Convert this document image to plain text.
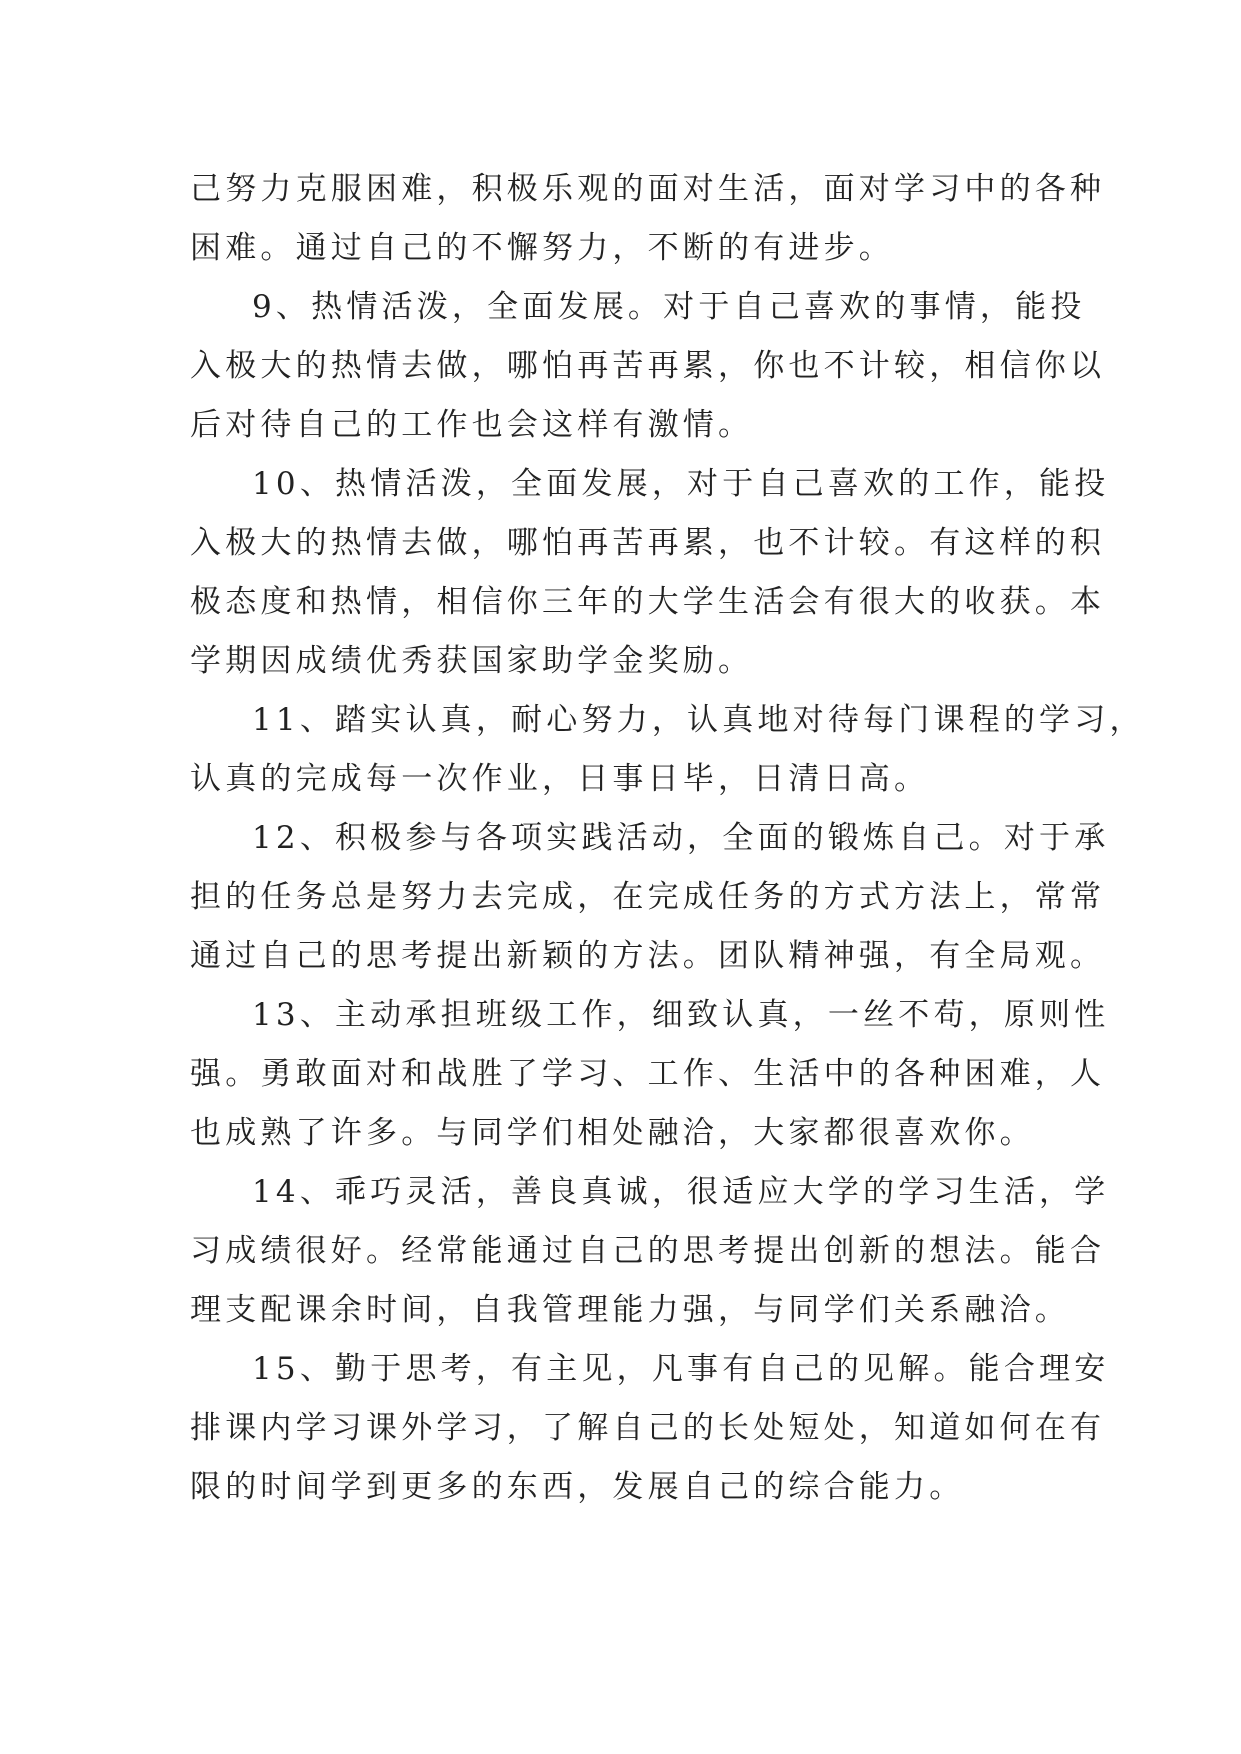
己努力克服困难，积极乐观的面对生活，面对学习中的各种
困难。通过自己的不懈努力，不断的有进步。
9、热情活泼，全面发展。对于自己喜欢的事情，能投
入极大的热情去做，哪怕再苦再累，你也不计较，相信你以
后对待自己的工作也会这样有激情。
10、热情活泼，全面发展，对于自己喜欢的工作，能投
入极大的热情去做，哪怕再苦再累，也不计较。有这样的积
极态度和热情，相信你三年的大学生活会有很大的收获。本
学期因成绩优秀获国家助学金奖励。
11、踏实认真，耐心努力，认真地对待每门课程的学习，
认真的完成每一次作业，日事日毕，日清日高。
12、积极参与各项实践活动，全面的锻炼自己。对于承
担的任务总是努力去完成，在完成任务的方式方法上，常常
通过自己的思考提出新颖的方法。团队精神强，有全局观。
13、主动承担班级工作，细致认真，一丝不苟，原则性
强。勇敢面对和战胜了学习、工作、生活中的各种困难，人
也成熟了许多。与同学们相处融洽，大家都很喜欢你。
14、乖巧灵活，善良真诚，很适应大学的学习生活，学
习成绩很好。经常能通过自己的思考提出创新的想法。能合
理支配课余时间，自我管理能力强，与同学们关系融洽。
15、勤于思考，有主见，凡事有自己的见解。能合理安
排课内学习课外学习，了解自己的长处短处，知道如何在有
限的时间学到更多的东西，发展自己的综合能力。
